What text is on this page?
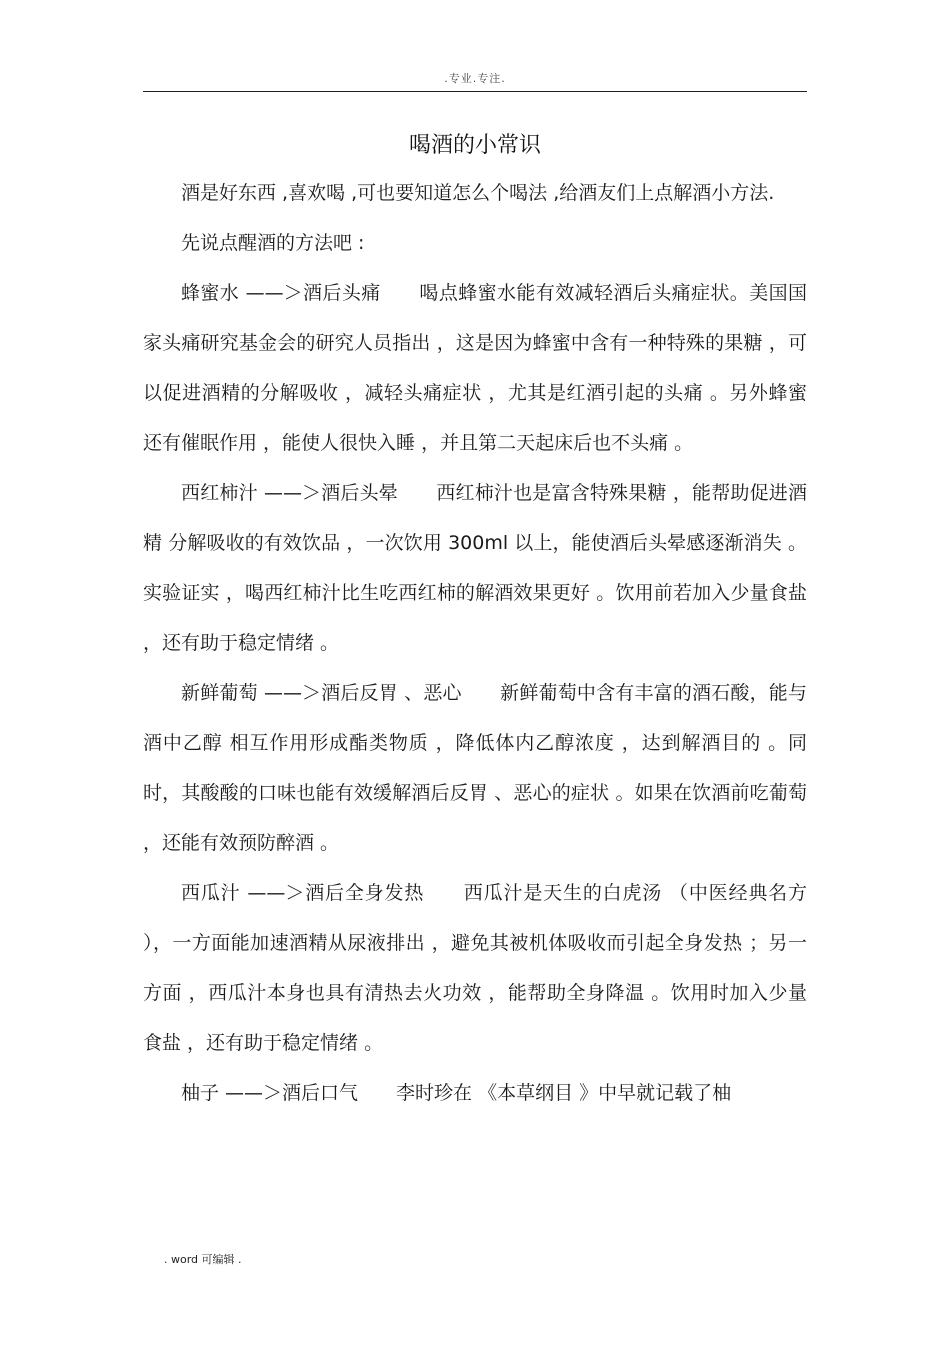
.专业.专注.
喝酒的小常识

酒是好东西 ,喜欢喝 ,可也要知道怎么个喝法 ,给酒友们上点解酒小方法.

先说点醒酒的方法吧 :

蜂蜜水 ——＞酒后头痛　　喝点蜂蜜水能有效减轻酒后头痛症状。美国国家头痛研究基金会的研究人员指出 ，这是因为蜂蜜中含有一种特殊的果糖 ，可以促进酒精的分解吸收 ，减轻头痛症状 ，尤其是红酒引起的头痛 。另外蜂蜜还有催眠作用 ，能使人很快入睡 ，并且第二天起床后也不头痛 。

西红柿汁 ——＞酒后头晕　　西红柿汁也是富含特殊果糖 ，能帮助促进酒精 分解吸收的有效饮品 ，一次饮用 300ml 以上，能使酒后头晕感逐渐消失 。实验证实 ，喝西红柿汁比生吃西红柿的解酒效果更好 。饮用前若加入少量食盐 ，还有助于稳定情绪 。

新鲜葡萄 ——＞酒后反胃 、恶心　　新鲜葡萄中含有丰富的酒石酸，能与酒中乙醇 相互作用形成酯类物质 ，降低体内乙醇浓度 ，达到解酒目的 。同时，其酸酸的口味也能有效缓解酒后反胃 、恶心的症状 。如果在饮酒前吃葡萄 ，还能有效预防醉酒 。

西瓜汁 ——＞酒后全身发热　　西瓜汁是天生的白虎汤 （中医经典名方 ），一方面能加速酒精从尿液排出 ，避免其被机体吸收而引起全身发热 ；另一方面 ，西瓜汁本身也具有清热去火功效 ，能帮助全身降温 。饮用时加入少量食盐 ，还有助于稳定情绪 。

柚子 ——＞酒后口气　　李时珍在 《本草纲目 》中早就记载了柚

. word 可编辑 .
